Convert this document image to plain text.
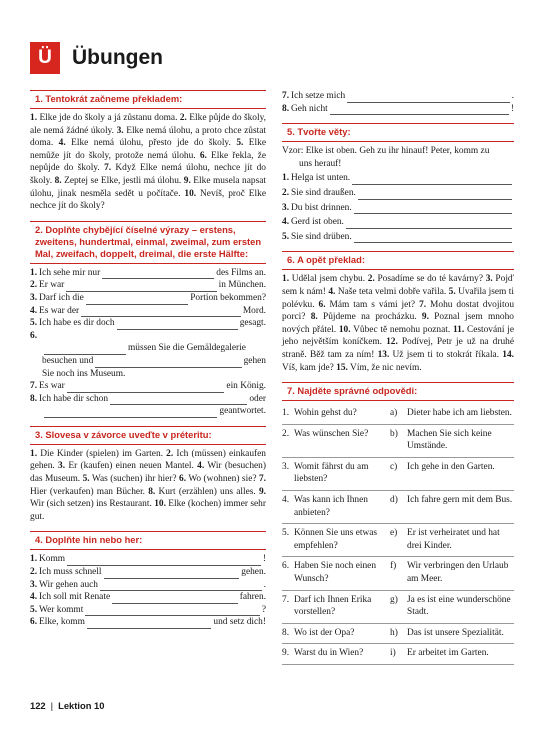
Ü Übungen
1. Tentokrát začneme překladem:
1. Elke jde do školy a já zůstanu doma. 2. Elke půjde do školy, ale nemá žádné úkoly. 3. Elke nemá úlohu, a proto chce zůstat doma. 4. Elke nemá úlohu, přesto jde do školy. 5. Elke nemůže jít do školy, protože nemá úlohu. 6. Elke řekla, že nepůjde do školy. 7. Když Elke nemá úlohu, nechce jít do školy. 8. Zeptej se Elke, jestli má úlohu. 9. Elke musela napsat úlohu, jinak nesměla sedět u počítače. 10. Nevíš, proč Elke nechce jít do školy?
2. Doplňte chybějící číselné výrazy – erstens, zweitens, hundertmal, einmal, zweimal, zum ersten Mal, zweifach, doppelt, dreimal, die erste Hälfte:
1. Ich sehe mir nur	des Films an.
2. Er war	in München.
3. Darf ich die	Portion bekommen?
4. Es war der	Mord.
5. Ich habe es dir doch	gesagt.
6.
müssen Sie die Gemäldegalerie
besuchen und	gehen
Sie noch ins Museum.
7. Es war	ein König.
8. Ich habe dir schon	oder
geantwortet.
3. Slovesa v závorce uveďte v préteritu:
1. Die Kinder (spielen) im Garten. 2. Ich (müssen) einkaufen gehen. 3. Er (kaufen) einen neuen Mantel. 4. Wir (besuchen) das Museum. 5. Was (suchen) ihr hier? 6. Wo (wohnen) sie? 7. Hier (verkaufen) man Bücher. 8. Kurt (erzählen) uns alles. 9. Wir (sich setzen) ins Restaurant. 10. Elke (kochen) immer sehr gut.
4. Doplňte hin nebo her:
1. Komm	!
2. Ich muss schnell	gehen.
3. Wir gehen auch	.
4. Ich soll mit Renate	fahren.
5. Wer kommt	?
6. Elke, komm	und setz dich!
7. Ich setze mich	.
8. Geh nicht	!
5. Tvořte věty:
Vzor: Elke ist oben. Geh zu ihr hinauf! Peter, komm zu
uns herauf!
1. Helga ist unten.
2. Sie sind draußen.
3. Du bist drinnen.
4. Gerd ist oben.
5. Sie sind drüben.
6. A opět překlad:
1. Udělal jsem chybu. 2. Posadíme se do té kavárny? 3. Pojď sem k nám! 4. Naše teta velmi dobře vařila. 5. Uvařila jsem ti polévku. 6. Mám tam s vámi jet? 7. Mohu dostat dvojitou porci? 8. Půjdeme na procházku. 9. Poznal jsem mnoho nových přátel. 10. Vůbec tě nemohu poznat. 11. Cestování je jeho největším koníčkem. 12. Podívej, Petr je už na druhé straně. Běž tam za ním! 13. Už jsem ti to stokrát říkala. 14. Víš, kam jde? 15. Vím, že nic nevím.
7. Najděte správné odpovědi:
1. Wohin gehst du?	a) Dieter habe ich am liebsten.

2. Was wünschen Sie?	b) Machen Sie sich keine Umstände.

3. Womit fährst du am liebsten?	c) Ich gehe in den Garten.

4. Was kann ich Ihnen anbieten?	d) Ich fahre gern mit dem Bus.

5. Können Sie uns etwas empfehlen?	e) Er ist verheiratet und hat drei Kinder.

6. Haben Sie noch einen Wunsch?	f) Wir verbringen den Urlaub am Meer.

7. Darf ich Ihnen Erika vorstellen?	g) Ja es ist eine wunderschöne Stadt.

8. Wo ist der Opa?	h) Das ist unsere Spezialität.

9. Warst du in Wien?	i) Er arbeitet im Garten.
122 | Lektion 10
